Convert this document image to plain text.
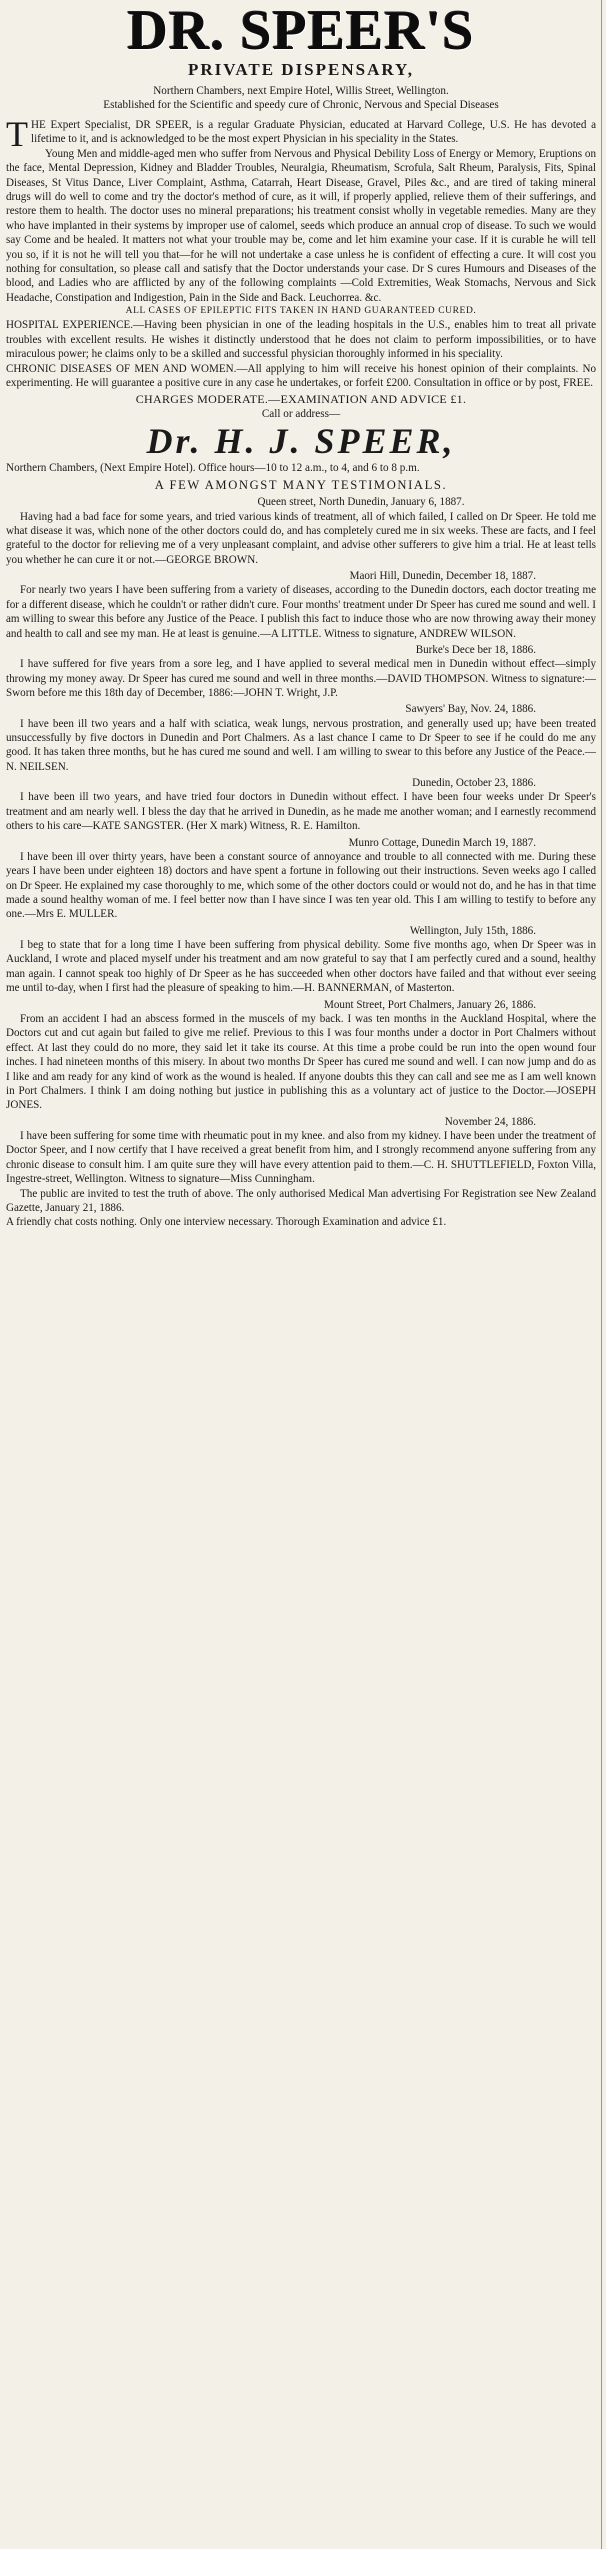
DR. SPEER'S
PRIVATE DISPENSARY,
Northern Chambers, next Empire Hotel, Willis Street, Wellington.
Established for the Scientific and speedy cure of Chronic, Nervous and Special Diseases

THE Expert Specialist, DR SPEER, is a regular Graduate Physician, educated at Harvard College, U.S. He has devoted a lifetime to it, and is acknowledged to be the most expert Physician in his speciality in the States.

Young Men and middle-aged men who suffer from Nervous and Physical Debility Loss of Energy or Memory, Eruptions on the face, Mental Depression, Kidney and Bladder Troubles, Neuralgia, Rheumatism, Scrofula, Salt Rheum, Paralysis, Fits, Spinal Diseases, St Vitus Dance, Liver Complaint, Asthma, Catarrah, Heart Disease, Gravel, Piles &c., and are tired of taking mineral drugs will do well to come and try the doctor's method of cure, as it will, if properly applied, relieve them of their sufferings, and restore them to health. The doctor uses no mineral preparations; his treatment consist wholly in vegetable remedies. Many are they who have implanted in their systems by improper use of calomel, seeds which produce an annual crop of disease. To such we would say Come and be healed. It matters not what your trouble may be, come and let him examine your case. If it is curable he will tell you so, if it is not he will tell you that—for he will not undertake a case unless he is confident of effecting a cure. It will cost you nothing for consultation, so please call and satisfy that the Doctor understands your case. Dr S cures Humours and Diseases of the blood, and Ladies who are afflicted by any of the following complaints —Cold Extremities, Weak Stomachs, Nervous and Sick Headache, Constipation and Indigestion, Pain in the Side and Back. Leuchorrea. &c.

ALL CASES OF EPILEPTIC FITS TAKEN IN HAND GUARANTEED CURED.

HOSPITAL EXPERIENCE.—Having been physician in one of the leading hospitals in the U.S., enables him to treat all private troubles with excellent results. He wishes it distinctly understood that he does not claim to perform impossibilities, or to have miraculous power; he claims only to be a skilled and successful physician thoroughly informed in his speciality.

CHRONIC DISEASES OF MEN AND WOMEN.—All applying to him will receive his honest opinion of their complaints. No experimenting. He will guarantee a positive cure in any case he undertakes, or forfeit £200. Consultation in office or by post, FREE.

CHARGES MODERATE.—EXAMINATION AND ADVICE £1.
Call or address—
Dr. H. J. SPEER,
Northern Chambers, (Next Empire Hotel). Office hours—10 to 12 a.m., to 4, and 6 to 8 p.m.
A FEW AMONGST MANY TESTIMONIALS.
Queen street, North Dunedin, January 6, 1887.

Having had a bad face for some years, and tried various kinds of treatment, all of which failed, I called on Dr Speer. He told me what disease it was, which none of the other doctors could do, and has completely cured me in six weeks. These are facts, and I feel grateful to the doctor for relieving me of a very unpleasant complaint, and advise other sufferers to give him a trial. He at least tells you whether he can cure it or not.—GEORGE BROWN.

Maori Hill, Dunedin, December 18, 1887.

For nearly two years I have been suffering from a variety of diseases, according to the Dunedin doctors, each doctor treating me for a different disease, which he couldn't or rather didn't cure. Four months' treatment under Dr Speer has cured me sound and well. I am willing to swear this before any Justice of the Peace. I publish this fact to induce those who are now throwing away their money and health to call and see my man. He at least is genuine.—A LITTLE. Witness to signature, ANDREW WILSON.

Burke's Dece ber 18, 1886.

I have suffered for five years from a sore leg, and I have applied to several medical men in Dunedin without effect—simply throwing my money away. Dr Speer has cured me sound and well in three months.—DAVID THOMPSON. Witness to signature:—Sworn before me this 18th day of December, 1886:—JOHN T. Wright, J.P.

Sawyers' Bay, Nov. 24, 1886.

I have been ill two years and a half with sciatica, weak lungs, nervous prostration, and generally used up; have been treated unsuccessfully by five doctors in Dunedin and Port Chalmers. As a last chance I came to Dr Speer to see if he could do me any good. It has taken three months, but he has cured me sound and well. I am willing to swear to this before any Justice of the Peace.—N. NEILSEN.

Dunedin, October 23, 1886.

I have been ill two years, and have tried four doctors in Dunedin without effect. I have been four weeks under Dr Speer's treatment and am nearly well. I bless the day that he arrived in Dunedin, as he made me another woman; and I earnestly recommend others to his care—KATE SANGSTER. (Her X mark) Witness, R. E. Hamilton.

Munro Cottage, Dunedin March 19, 1887.

I have been ill over thirty years, have been a constant source of annoyance and trouble to all connected with me. During these years I have been under eighteen 18) doctors and have spent a fortune in following out their instructions. Seven weeks ago I called on Dr Speer. He explained my case thoroughly to me, which some of the other doctors could or would not do, and he has in that time made a sound healthy woman of me. I feel better now than I have since I was ten year old. This I am willing to testify to before any one.—Mrs E. MULLER.

Wellington, July 15th, 1886.

I beg to state that for a long time I have been suffering from physical debility. Some five months ago, when Dr Speer was in Auckland, I wrote and placed myself under his treatment and am now grateful to say that I am perfectly cured and a sound, healthy man again. I cannot speak too highly of Dr Speer as he has succeeded when other doctors have failed and that without ever seeing me until to-day, when I first had the pleasure of speaking to him.—H. BANNERMAN, of Masterton.

Mount Street, Port Chalmers, January 26, 1886.

From an accident I had an abscess formed in the muscels of my back. I was ten months in the Auckland Hospital, where the Doctors cut and cut again but failed to give me relief. Previous to this I was four months under a doctor in Port Chalmers without effect. At last they could do no more, they said let it take its course. At this time a probe could be run into the open wound four inches. I had nineteen months of this misery. In about two months Dr Speer has cured me sound and well. I can now jump and do as I like and am ready for any kind of work as the wound is healed. If anyone doubts this they can call and see me as I am well known in Port Chalmers. I think I am doing nothing but justice in publishing this as a voluntary act of justice to the Doctor.—JOSEPH JONES.

November 24, 1886.

I have been suffering for some time with rheumatic pout in my knee. and also from my kidney. I have been under the treatment of Doctor Speer, and I now certify that I have received a great benefit from him, and I strongly recommend anyone suffering from any chronic disease to consult him. I am quite sure they will have every attention paid to them.—C. H. SHUTTLEFIELD, Foxton Villa, Ingestre-street, Wellington. Witness to signature—Miss Cunningham.

The public are invited to test the truth of above. The only authorised Medical Man advertising For Registration see New Zealand Gazette, January 21, 1886.

A friendly chat costs nothing. Only one interview necessary. Thorough Examination and advice £1.
